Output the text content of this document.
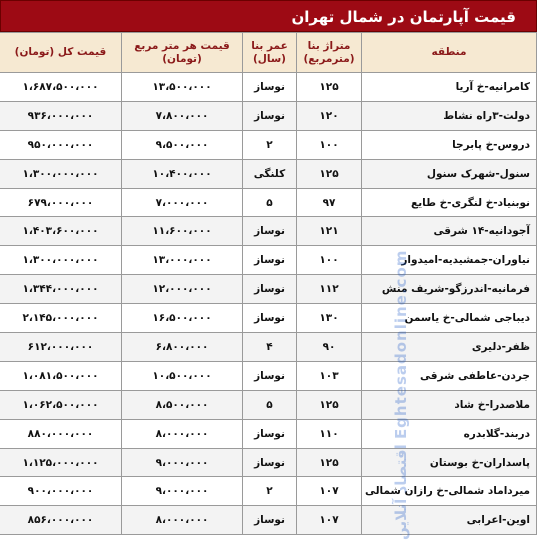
قیمت آپارتمان در شمال تهران
منطقه	متراژ بنا (مترمربع)	عمر بنا (سال)	قیمت هر متر مربع (تومان)	قیمت کل (تومان)
کامرانیه-خ آریا	۱۲۵	نوساز	۱۳،۵۰۰،۰۰۰	۱،۶۸۷،۵۰۰،۰۰۰
دولت-۳راه نشاط	۱۲۰	نوساز	۷،۸۰۰،۰۰۰	۹۳۶،۰۰۰،۰۰۰
دروس-خ پابرجا	۱۰۰	۲	۹،۵۰۰،۰۰۰	۹۵۰،۰۰۰،۰۰۰
سنول-شهرک سنول	۱۲۵	کلنگی	۱۰،۴۰۰،۰۰۰	۱،۳۰۰،۰۰۰،۰۰۰
نوبنیاد-خ لنگری-خ طایع	۹۷	۵	۷،۰۰۰،۰۰۰	۶۷۹،۰۰۰،۰۰۰
آجودانیه-۱۴ شرقی	۱۲۱	نوساز	۱۱،۶۰۰،۰۰۰	۱،۴۰۳،۶۰۰،۰۰۰
نیاوران-جمشیدیه-امیدوار	۱۰۰	نوساز	۱۳،۰۰۰،۰۰۰	۱،۳۰۰،۰۰۰،۰۰۰
فرمانیه-اندرزگو-شریف منش	۱۱۲	نوساز	۱۲،۰۰۰،۰۰۰	۱،۳۴۴،۰۰۰،۰۰۰
دیباجی شمالی-خ یاسمن	۱۳۰	نوساز	۱۶،۵۰۰،۰۰۰	۲،۱۴۵،۰۰۰،۰۰۰
ظفر-دلیری	۹۰	۴	۶،۸۰۰،۰۰۰	۶۱۲،۰۰۰،۰۰۰
جردن-عاطفی شرقی	۱۰۳	نوساز	۱۰،۵۰۰،۰۰۰	۱،۰۸۱،۵۰۰،۰۰۰
ملاصدرا-خ شاد	۱۲۵	۵	۸،۵۰۰،۰۰۰	۱،۰۶۲،۵۰۰،۰۰۰
دربند-گلابدره	۱۱۰	نوساز	۸،۰۰۰،۰۰۰	۸۸۰،۰۰۰،۰۰۰
پاسداران-خ بوستان	۱۲۵	نوساز	۹،۰۰۰،۰۰۰	۱،۱۲۵،۰۰۰،۰۰۰
میرداماد شمالی-خ رازان شمالی	۱۰۷	۲	۹،۰۰۰،۰۰۰	۹۰۰،۰۰۰،۰۰۰
اوین-اعرابی	۱۰۷	نوساز	۸،۰۰۰،۰۰۰	۸۵۶،۰۰۰،۰۰۰	اقتصاد آنلاین Eghtesadonline.com
